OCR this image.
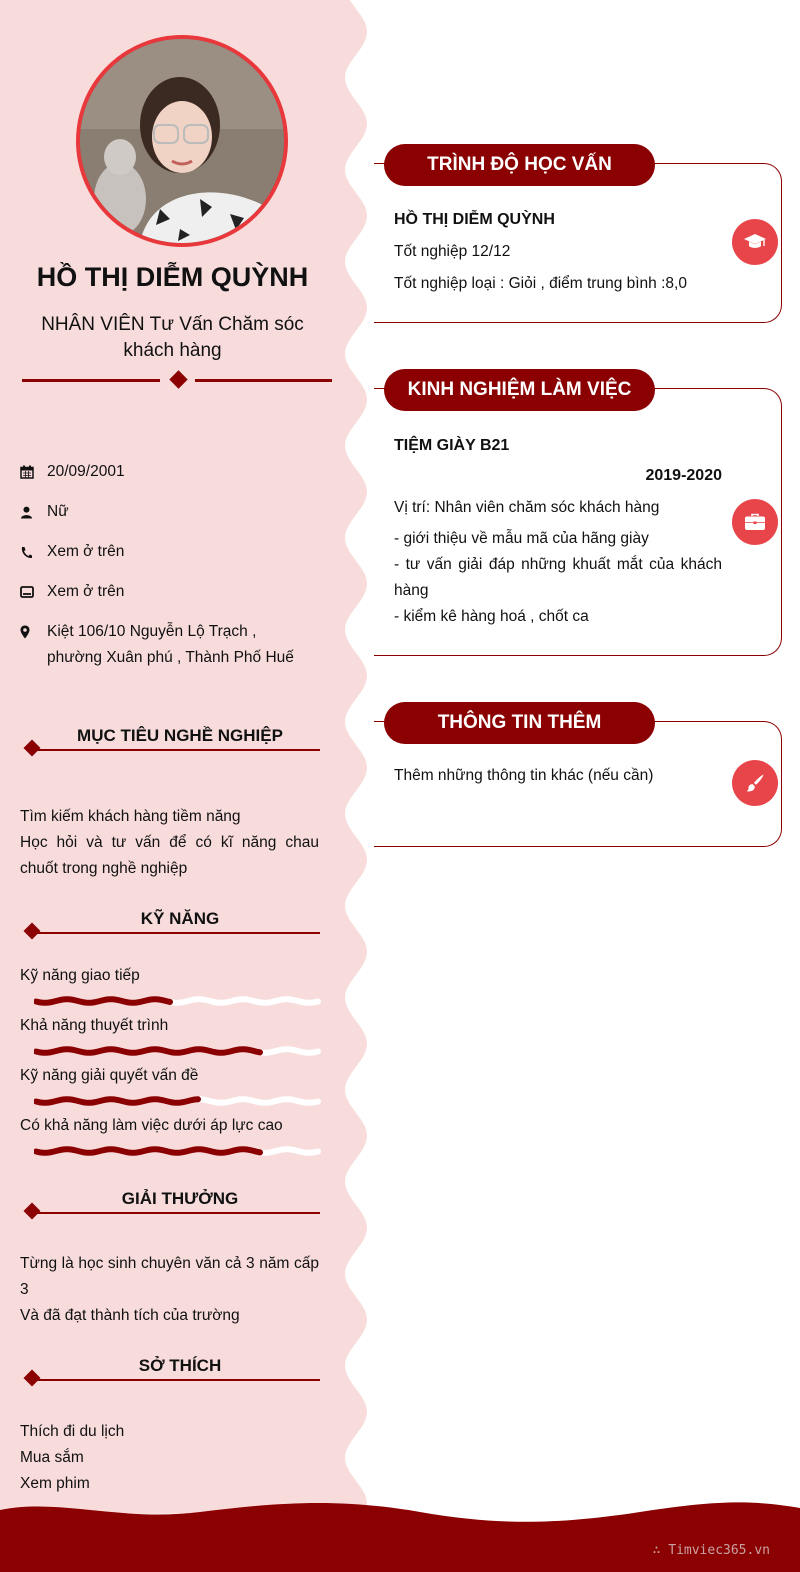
HỒ THỊ DIỄM QUỲNH
NHÂN VIÊN Tư Vấn Chăm sóc khách hàng
20/09/2001
Nữ
Xem ở trên
Xem ở trên
Kiệt 106/10 Nguyễn Lộ Trạch , phường Xuân phú , Thành Phố Huế
MỤC TIÊU NGHỀ NGHIỆP

Tìm kiếm khách hàng tiềm năng

Học hỏi và tư vấn để có kĩ năng chau chuốt trong nghề nghiệp

KỸ NĂNG
Kỹ năng giao tiếp
Khả năng thuyết trình
Kỹ năng giải quyết vấn đề
Có khả năng làm việc dưới áp lực cao
GIẢI THƯỞNG

Từng là học sinh chuyên văn cả 3 năm cấp 3

Và đã đạt thành tích của trường

SỞ THÍCH

Thích đi du lịch

Mua sắm

Xem phim

TRÌNH ĐỘ HỌC VẤN
HỒ THỊ DIỄM QUỲNH
Tốt nghiệp 12/12
Tốt nghiệp loại : Giỏi , điểm trung bình :8,0
KINH NGHIỆM LÀM VIỆC
TIỆM GIÀY B21
2019-2020
Vị trí: Nhân viên chăm sóc khách hàng
- giới thiệu về mẫu mã của hãng giày
- tư vấn giải đáp những khuất mắt của khách hàng
- kiểm kê hàng hoá , chốt ca
THÔNG TIN THÊM
Thêm những thông tin khác (nếu cần)
∴ Timviec365.vn
